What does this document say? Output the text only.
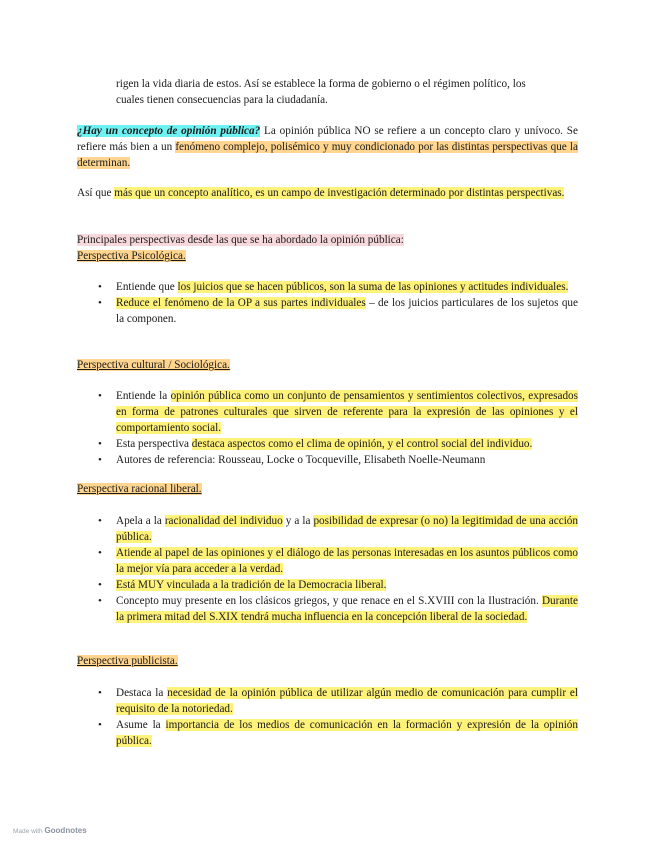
rigen la vida diaria de estos. Así se establece la forma de gobierno o el régimen político, los
cuales tienen consecuencias para la ciudadanía.

¿Hay un concepto de opinión pública? La opinión pública NO se refiere a un concepto claro y unívoco. Se refiere más bien a un fenómeno complejo, polisémico y muy condicionado por las distintas perspectivas que la determinan.

Así que más que un concepto analítico, es un campo de investigación determinado por distintas perspectivas.

Principales perspectivas desde las que se ha abordado la opinión pública:
Perspectiva Psicológica.

• Entiende que los juicios que se hacen públicos, son la suma de las opiniones y actitudes individuales.
• Reduce el fenómeno de la OP a sus partes individuales – de los juicios particulares de los sujetos que la componen.

Perspectiva cultural / Sociológica.

• Entiende la opinión pública como un conjunto de pensamientos y sentimientos colectivos, expresados en forma de patrones culturales que sirven de referente para la expresión de las opiniones y el comportamiento social.
• Esta perspectiva destaca aspectos como el clima de opinión, y el control social del individuo.
• Autores de referencia: Rousseau, Locke o Tocqueville, Elisabeth Noelle-Neumann

Perspectiva racional liberal.

• Apela a la racionalidad del individuo y a la posibilidad de expresar (o no) la legitimidad de una acción pública.
• Atiende al papel de las opiniones y el diálogo de las personas interesadas en los asuntos públicos como la mejor vía para acceder a la verdad.
• Está MUY vinculada a la tradición de la Democracia liberal.
• Concepto muy presente en los clásicos griegos, y que renace en el S.XVIII con la Ilustración. Durante la primera mitad del S.XIX tendrá mucha influencia en la concepción liberal de la sociedad.

Perspectiva publicista.

• Destaca la necesidad de la opinión pública de utilizar algún medio de comunicación para cumplir el requisito de la notoriedad.
• Asume la importancia de los medios de comunicación en la formación y expresión de la opinión pública.
Made with Goodnotes
